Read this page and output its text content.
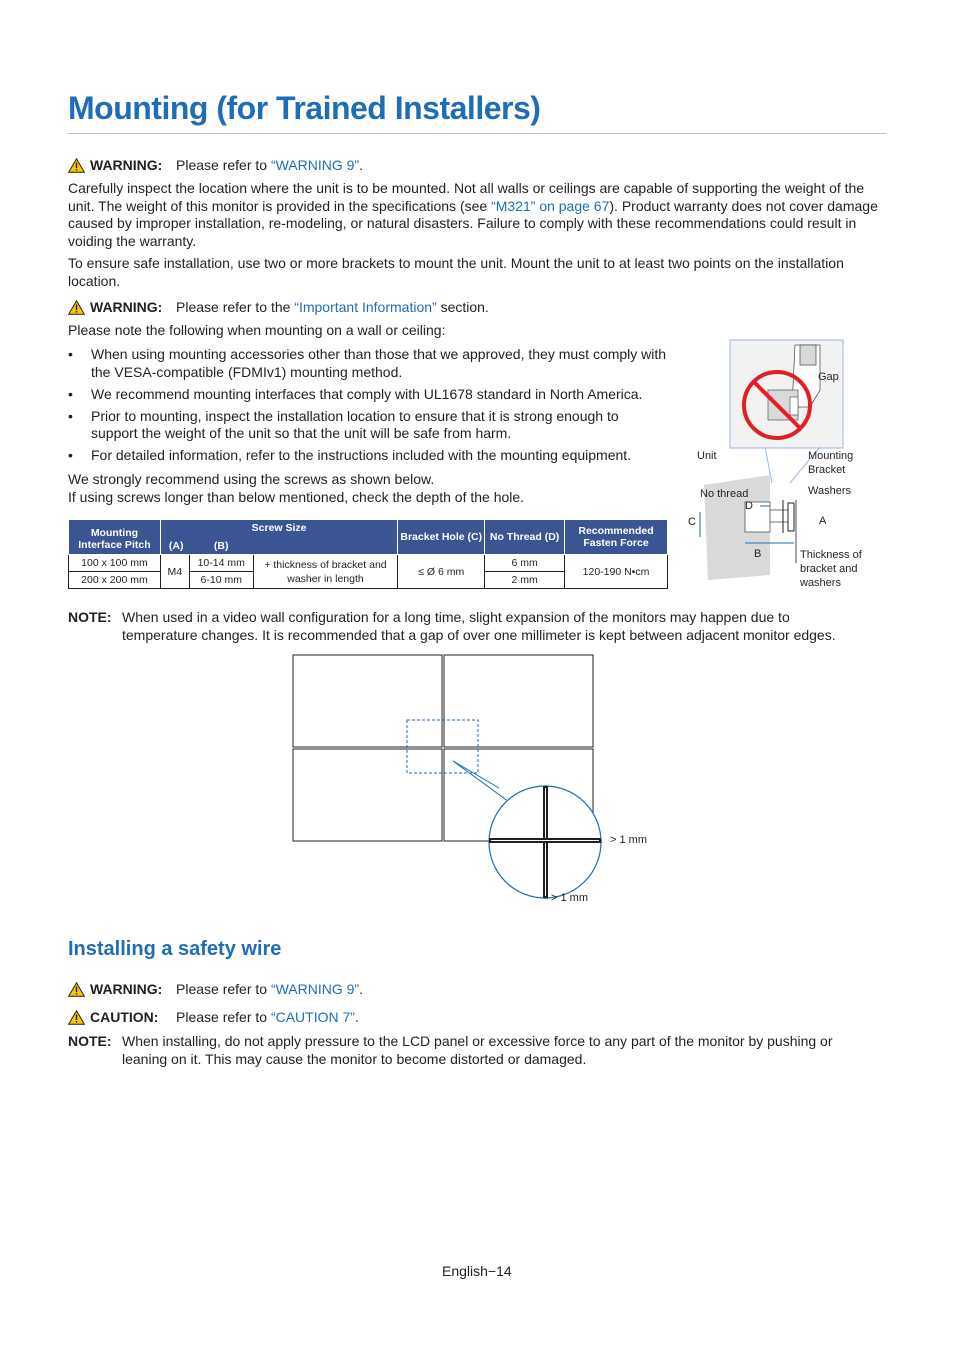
Mounting (for Trained Installers)
WARNING: Please refer to “WARNING 9”.

Carefully inspect the location where the unit is to be mounted. Not all walls or ceilings are capable of supporting the weight of the unit. The weight of this monitor is provided in the specifications (see “M321” on page 67). Product warranty does not cover damage caused by improper installation, re-modeling, or natural disasters. Failure to comply with these recommendations could result in voiding the warranty.

To ensure safe installation, use two or more brackets to mount the unit. Mount the unit to at least two points on the installation location.

WARNING: Please refer to the “Important Information” section.

Please note the following when mounting on a wall or ceiling:

• When using mounting accessories other than those that we approved, they must comply with the VESA-compatible (FDMIv1) mounting method.
• We recommend mounting interfaces that comply with UL1678 standard in North America.
• Prior to mounting, inspect the installation location to ensure that it is strong enough to support the weight of the unit so that the unit will be safe from harm.
• For detailed information, refer to the instructions included with the mounting equipment.

We strongly recommend using the screws as shown below.

If using screws longer than below mentioned, check the depth of the hole.

Mounting Interface Pitch	Screw Size
(A) (B)			Bracket Hole (C)	No Thread (D)	Recommended Fasten Force
100 x 100 mm	M4	10-14 mm	+ thickness of bracket and washer in length	≤ Ø 6 mm	6 mm	120-190 N•cm
200 x 200 mm		6-10 mm			2 mm	
Gap
Unit	Mounting
Bracket
No thread	Washers
D
C	A
B	Thickness of
bracket and
washers
NOTE: When used in a video wall configuration for a long time, slight expansion of the monitors may happen due to temperature changes. It is recommended that a gap of over one millimeter is kept between adjacent monitor edges.
> 1 mm
> 1 mm
Installing a safety wire
WARNING: Please refer to “WARNING 9”.
CAUTION:	Please refer to “CAUTION 7”.
NOTE: When installing, do not apply pressure to the LCD panel or excessive force to any part of the monitor by pushing or leaning on it. This may cause the monitor to become distorted or damaged.
English−14
